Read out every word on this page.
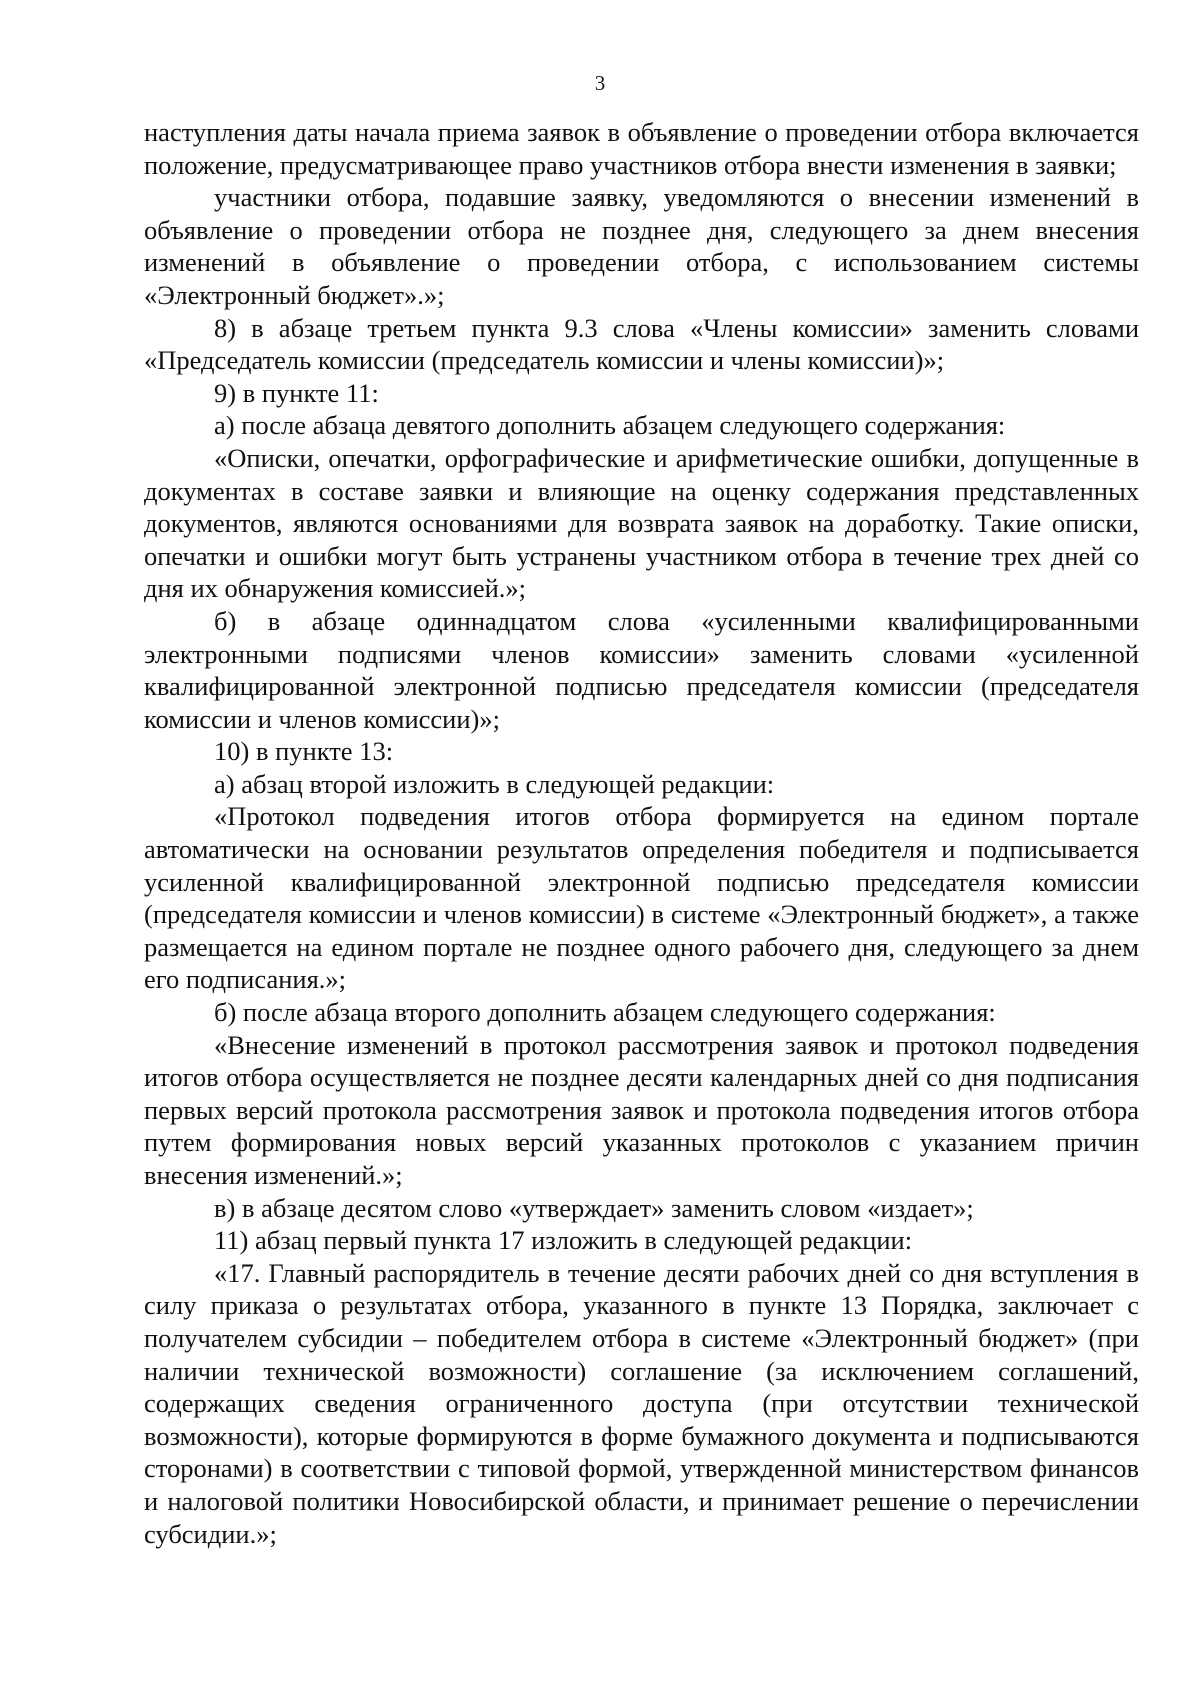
3

наступления даты начала приема заявок в объявление о проведении отбора включается положение, предусматривающее право участников отбора внести изменения в заявки;

участники отбора, подавшие заявку, уведомляются о внесении изменений в объявление о проведении отбора не позднее дня, следующего за днем внесения изменений в объявление о проведении отбора, с использованием системы «Электронный бюджет».»;

8) в абзаце третьем пункта 9.3 слова «Члены комиссии» заменить словами «Председатель комиссии (председатель комиссии и члены комиссии)»;

9) в пункте 11:

а) после абзаца девятого дополнить абзацем следующего содержания:

«Описки, опечатки, орфографические и арифметические ошибки, допущенные в документах в составе заявки и влияющие на оценку содержания представленных документов, являются основаниями для возврата заявок на доработку. Такие описки, опечатки и ошибки могут быть устранены участником отбора в течение трех дней со дня их обнаружения комиссией.»;

б) в абзаце одиннадцатом слова «усиленными квалифицированными электронными подписями членов комиссии» заменить словами «усиленной квалифицированной электронной подписью председателя комиссии (председателя комиссии и членов комиссии)»;

10) в пункте 13:

а) абзац второй изложить в следующей редакции:

«Протокол подведения итогов отбора формируется на едином портале автоматически на основании результатов определения победителя и подписывается усиленной квалифицированной электронной подписью председателя комиссии (председателя комиссии и членов комиссии) в системе «Электронный бюджет», а также размещается на едином портале не позднее одного рабочего дня, следующего за днем его подписания.»;

б) после абзаца второго дополнить абзацем следующего содержания:

«Внесение изменений в протокол рассмотрения заявок и протокол подведения итогов отбора осуществляется не позднее десяти календарных дней со дня подписания первых версий протокола рассмотрения заявок и протокола подведения итогов отбора путем формирования новых версий указанных протоколов с указанием причин внесения изменений.»;

в) в абзаце десятом слово «утверждает» заменить словом «издает»;

11) абзац первый пункта 17 изложить в следующей редакции:

«17. Главный распорядитель в течение десяти рабочих дней со дня вступления в силу приказа о результатах отбора, указанного в пункте 13 Порядка, заключает с получателем субсидии – победителем отбора в системе «Электронный бюджет» (при наличии технической возможности) соглашение (за исключением соглашений, содержащих сведения ограниченного доступа (при отсутствии технической возможности), которые формируются в форме бумажного документа и подписываются сторонами) в соответствии с типовой формой, утвержденной министерством финансов и налоговой политики Новосибирской области, и принимает решение о перечислении субсидии.»;
